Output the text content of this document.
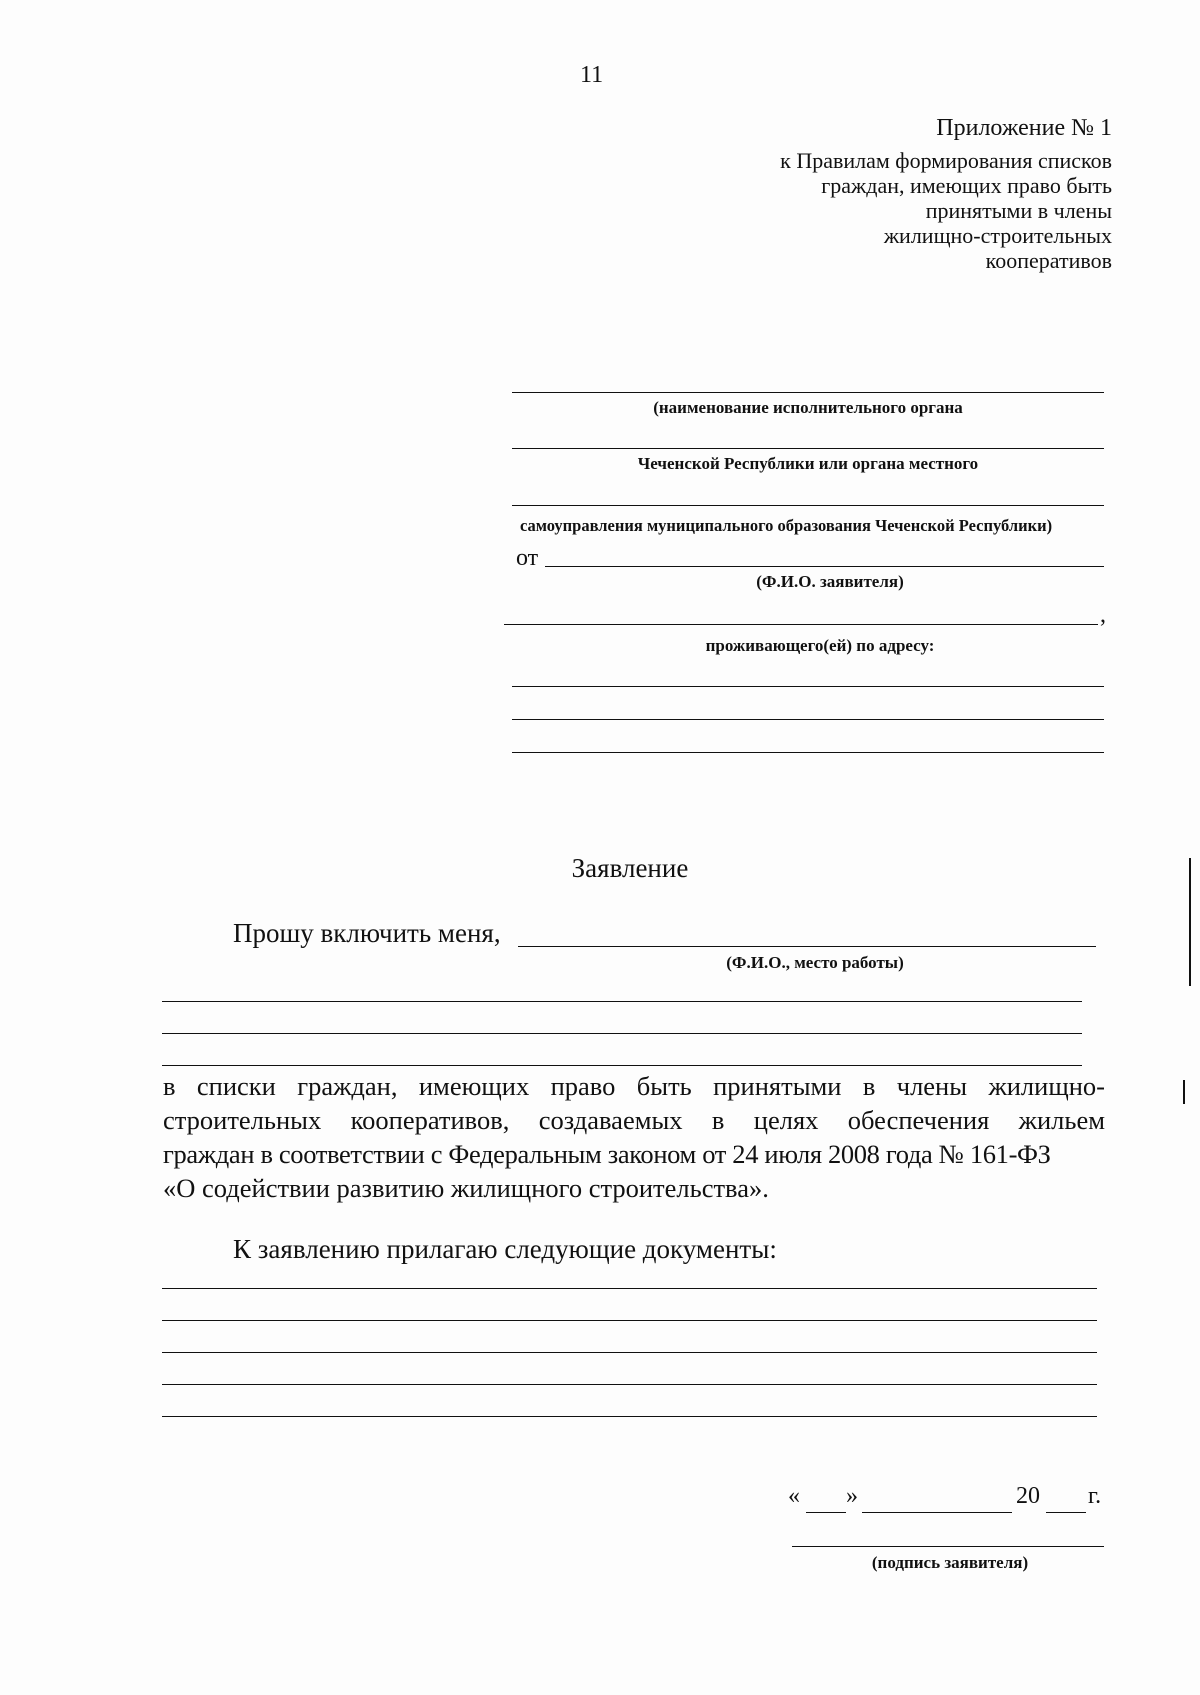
11
Приложение № 1
к Правилам формирования списков
граждан, имеющих право быть
принятыми в члены
жилищно-строительных
кооперативов
(наименование исполнительного органа
Чеченской Республики или органа местного
самоуправления муниципального образования Чеченской Республики)
от
(Ф.И.О. заявителя)
,
проживающего(ей) по адресу:
Заявление
Прошу включить меня,
(Ф.И.О., место работы)
в списки граждан, имеющих право быть принятыми в члены жилищно-
строительных кооперативов, создаваемых в целях обеспечения жильем
граждан в соответствии с Федеральным законом от 24 июля 2008 года № 161-ФЗ
«О содействии развитию жилищного строительства».
К заявлению прилагаю следующие документы:
« »	20 г.
(подпись заявителя)
